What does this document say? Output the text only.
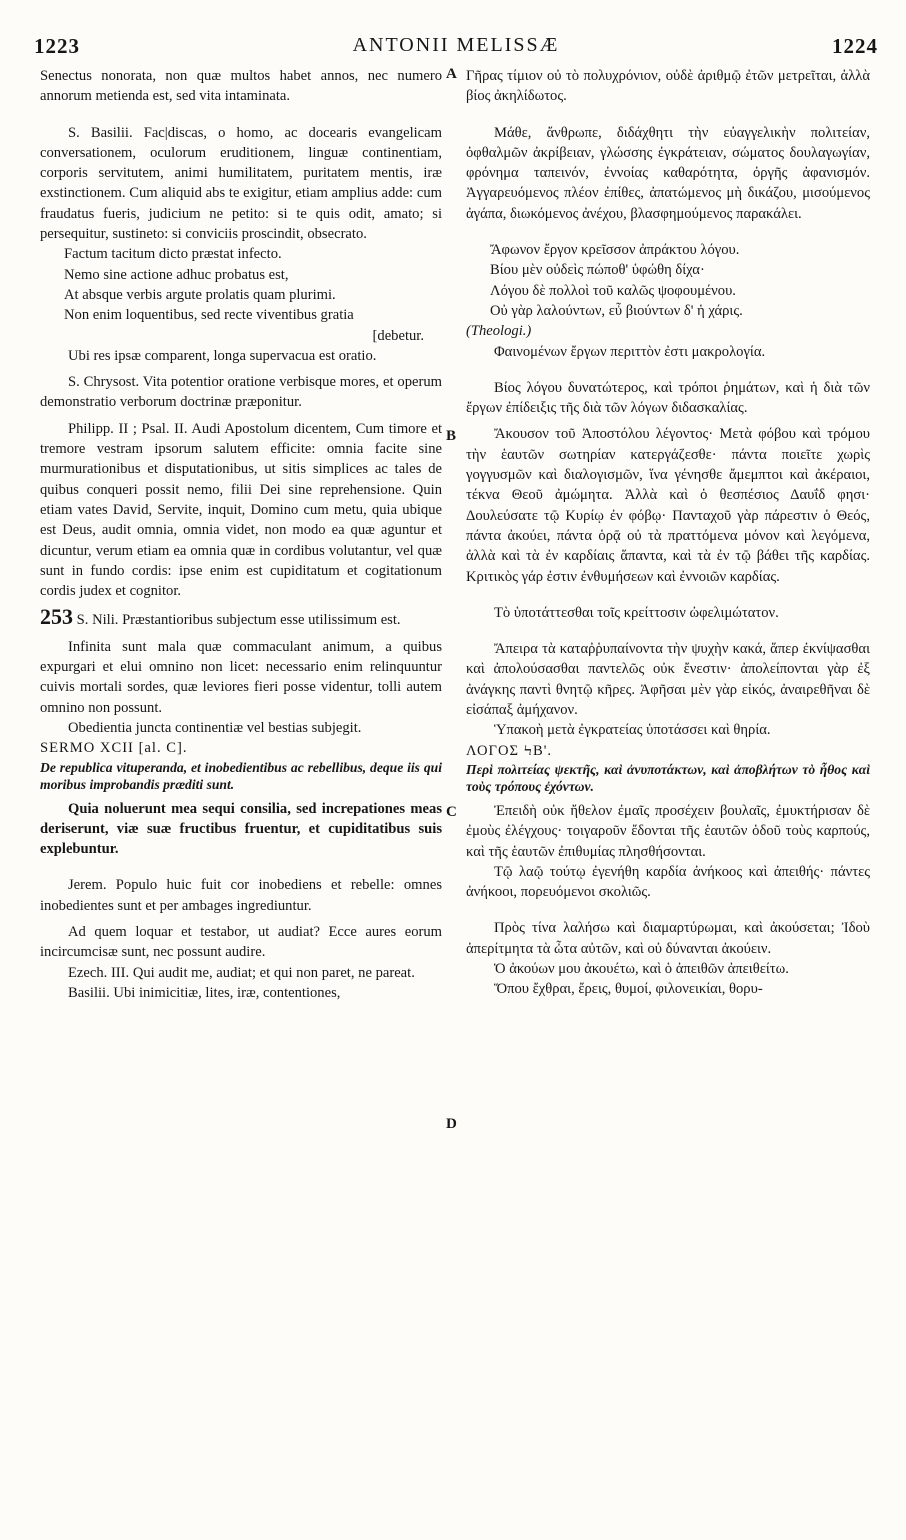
1223	ANTONII MELISSÆ	1224
A
B
C
D

Senectus nonorata, non quæ multos habet annos, nec numero annorum metienda est, sed vita intaminata.

S. Basilii. Fac|discas, o homo, ac docearis evangelicam conversationem, oculorum eruditionem, linguæ continentiam, corporis servitutem, animi humilitatem, puritatem mentis, iræ exstinctionem. Cum aliquid abs te exigitur, etiam amplius adde: cum fraudatus fueris, judicium ne petito: si te quis odit, amato; si persequitur, sustineto: si conviciis proscindit, obsecrato.

Factum tacitum dicto præstat infecto.

Nemo sine actione adhuc probatus est,

At absque verbis argute prolatis quam plurimi.

Non enim loquentibus, sed recte viventibus gratia

[debetur.

Ubi res ipsæ comparent, longa supervacua est oratio.

S. Chrysost. Vita potentior oratione verbisque mores, et operum demonstratio verborum doctrinæ præponitur.

Philipp. II ; Psal. II. Audi Apostolum dicentem, Cum timore et tremore vestram ipsorum salutem efficite: omnia facite sine murmurationibus et disputationibus, ut sitis simplices ac tales de quibus conqueri possit nemo, filii Dei sine reprehensione. Quin etiam vates David, Servite, inquit, Domino cum metu, quia ubique est Deus, audit omnia, omnia videt, non modo ea quæ aguntur et dicuntur, verum etiam ea omnia quæ in cordibus volutantur, vel quæ sunt in fundo cordis: ipse enim est cupiditatum et cogitationum cordis judex et cognitor.

253 S. Nili. Præstantioribus subjectum esse utilissimum est.

Infinita sunt mala quæ commaculant animum, a quibus expurgari et elui omnino non licet: necessario enim relinquuntur cuivis mortali sordes, quæ leviores fieri posse videntur, tolli autem omnino non possunt.

Obedientia juncta continentiæ vel bestias subjegit.

SERMO XCII [al. C].

De republica vituperanda, et inobedientibus ac rebellibus, deque iis qui moribus improbandis præditi sunt.

Quia noluerunt mea sequi consilia, sed increpationes meas deriserunt, viæ suæ fructibus fruentur, et cupiditatibus suis explebuntur.

Jerem. Populo huic fuit cor inobediens et rebelle: omnes inobedientes sunt et per ambages ingrediuntur.

Ad quem loquar et testabor, ut audiat? Ecce aures eorum incircumcisæ sunt, nec possunt audire.

Ezech. III. Qui audit me, audiat; et qui non paret, ne pareat.

Basilii. Ubi inimicitiæ, lites, iræ, contentiones,

Γῆρας τίμιον οὐ τὸ πολυχρόνιον, οὐδὲ ἀριθμῷ ἐτῶν μετρεῖται, ἀλλὰ βίος ἀκηλίδωτος.

Μάθε, ἄνθρωπε, διδάχθητι τὴν εὐαγγελικὴν πολιτείαν, ὀφθαλμῶν ἀκρίβειαν, γλώσσης ἐγκράτειαν, σώματος δουλαγωγίαν, φρόνημα ταπεινόν, ἐννοίας καθαρότητα, ὀργῆς ἀφανισμόν. Ἀγγαρευόμενος πλέον ἐπίθες, ἀπατώμενος μὴ δικάζου, μισούμενος ἀγάπα, διωκόμενος ἀνέχου, βλασφημούμενος παρακάλει.

Ἄφωνον ἔργον κρεῖσσον ἀπράκτου λόγου.

Βίου μὲν οὐδεὶς πώποθ' ὑφώθη δίχα·

Λόγου δὲ πολλοὶ τοῦ καλῶς ψοφουμένου.

Οὐ γὰρ λαλούντων, εὖ βιούντων δ' ἡ χάρις.

(Theologi.)

Φαινομένων ἔργων περιττὸν ἐστι μακρολογία.

Βίος λόγου δυνατώτερος, καὶ τρόποι ῥημάτων, καὶ ἡ διὰ τῶν ἔργων ἐπίδειξις τῆς διὰ τῶν λόγων διδασκαλίας.

Ἄκουσον τοῦ Ἀποστόλου λέγοντος· Μετὰ φόβου καὶ τρόμου τὴν ἑαυτῶν σωτηρίαν κατεργάζεσθε· πάντα ποιεῖτε χωρὶς γογγυσμῶν καὶ διαλογισμῶν, ἵνα γένησθε ἄμεμπτοι καὶ ἀκέραιοι, τέκνα Θεοῦ ἀμώμητα. Ἀλλὰ καὶ ὁ θεσπέσιος Δαυΐδ φησι· Δουλεύσατε τῷ Κυρίῳ ἐν φόβῳ· Πανταχοῦ γὰρ πάρεστιν ὁ Θεός, πάντα ἀκούει, πάντα ὁρᾷ οὐ τὰ πραττόμενα μόνον καὶ λεγόμενα, ἀλλὰ καὶ τὰ ἐν καρδίαις ἅπαντα, καὶ τὰ ἐν τῷ βάθει τῆς καρδίας. Κριτικὸς γάρ ἐστιν ἐνθυμήσεων καὶ ἐννοιῶν καρδίας.

Τὸ ὑποτάττεσθαι τοῖς κρείττοσιν ὠφελιμώτατον.

Ἄπειρα τὰ καταῤῥυπαίνοντα τὴν ψυχὴν κακά, ἅπερ ἐκνίψασθαι καὶ ἀπολούσασθαι παντελῶς οὐκ ἔνεστιν· ἀπολείπονται γὰρ ἐξ ἀνάγκης παντὶ θνητῷ κῆρες. Ἀφῆσαι μὲν γὰρ εἰκός, ἀναιρεθῆναι δὲ εἰσάπαξ ἀμήχανον.

Ὑπακοὴ μετὰ ἐγκρατείας ὑποτάσσει καὶ θηρία.

ΛΟΓΟΣ ϞΒ'.

Περὶ πολιτείας ψεκτῆς, καὶ ἀνυποτάκτων, καὶ ἀποβλήτων τὸ ἦθος καὶ τοὺς τρόπους ἐχόντων.

Ἐπειδὴ οὐκ ἤθελον ἐμαῖς προσέχειν βουλαῖς, ἐμυκτήρισαν δὲ ἐμοὺς ἐλέγχους· τοιγαροῦν ἔδονται τῆς ἑαυτῶν ὁδοῦ τοὺς καρπούς, καὶ τῆς ἑαυτῶν ἐπιθυμίας πλησθήσονται.

Τῷ λαῷ τούτῳ ἐγενήθη καρδία ἀνήκοος καὶ ἀπειθής· πάντες ἀνήκοοι, πορευόμενοι σκολιῶς.

Πρὸς τίνα λαλήσω καὶ διαμαρτύρωμαι, καὶ ἀκούσεται; Ἰδοὺ ἀπερίτμητα τὰ ὦτα αὐτῶν, καὶ οὐ δύνανται ἀκούειν.

Ὁ ἀκούων μου ἀκουέτω, καὶ ὁ ἀπειθῶν ἀπειθείτω.

Ὅπου ἔχθραι, ἔρεις, θυμοί, φιλονεικίαι, θορυ-
